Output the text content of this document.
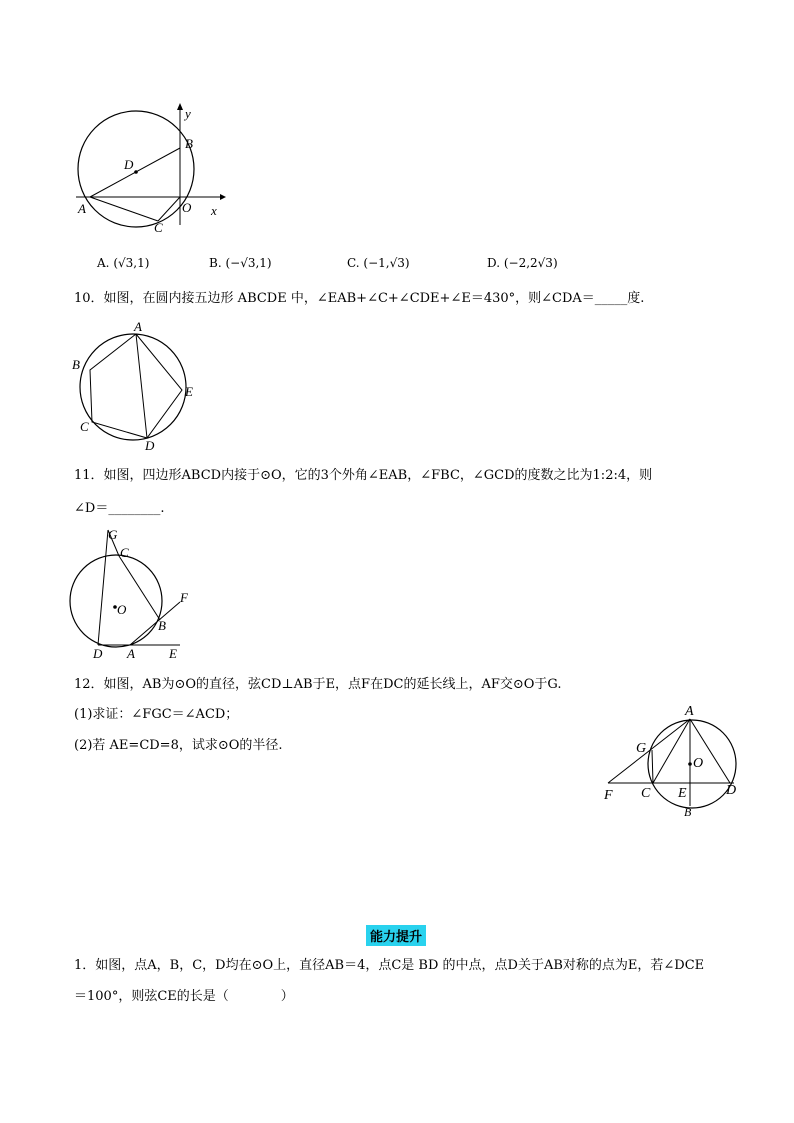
y
B
D
A	O x
C
A. (√3,1)	B. (−√3,1)	C. (−1,√3)	D. (−2,2√3)
10．如图，在圆内接五边形 ABCDE 中，∠EAB+∠C+∠CDE+∠E＝430°，则∠CDA＝_____度.
A
B
C
D
E
11．如图，四边形ABCD内接于⊙O，它的3个外角∠EAB，∠FBC，∠GCD的度数之比为1:2:4，则
∠D＝________.
G
C
F
O
B
D A	E
12．如图，AB为⊙O的直径，弦CD⊥AB于E，点F在DC的延长线上，AF交⊙O于G.
(1)求证：∠FGC＝∠ACD；
(2)若 AE=CD=8，试求⊙O的半径.
A
G
O
F C E	D
B
能力提升
1．如图，点A，B，C，D均在⊙O上，直径AB＝4，点C是 BD 的中点，点D关于AB对称的点为E，若∠DCE
＝100°，则弦CE的长是（　　　　）
